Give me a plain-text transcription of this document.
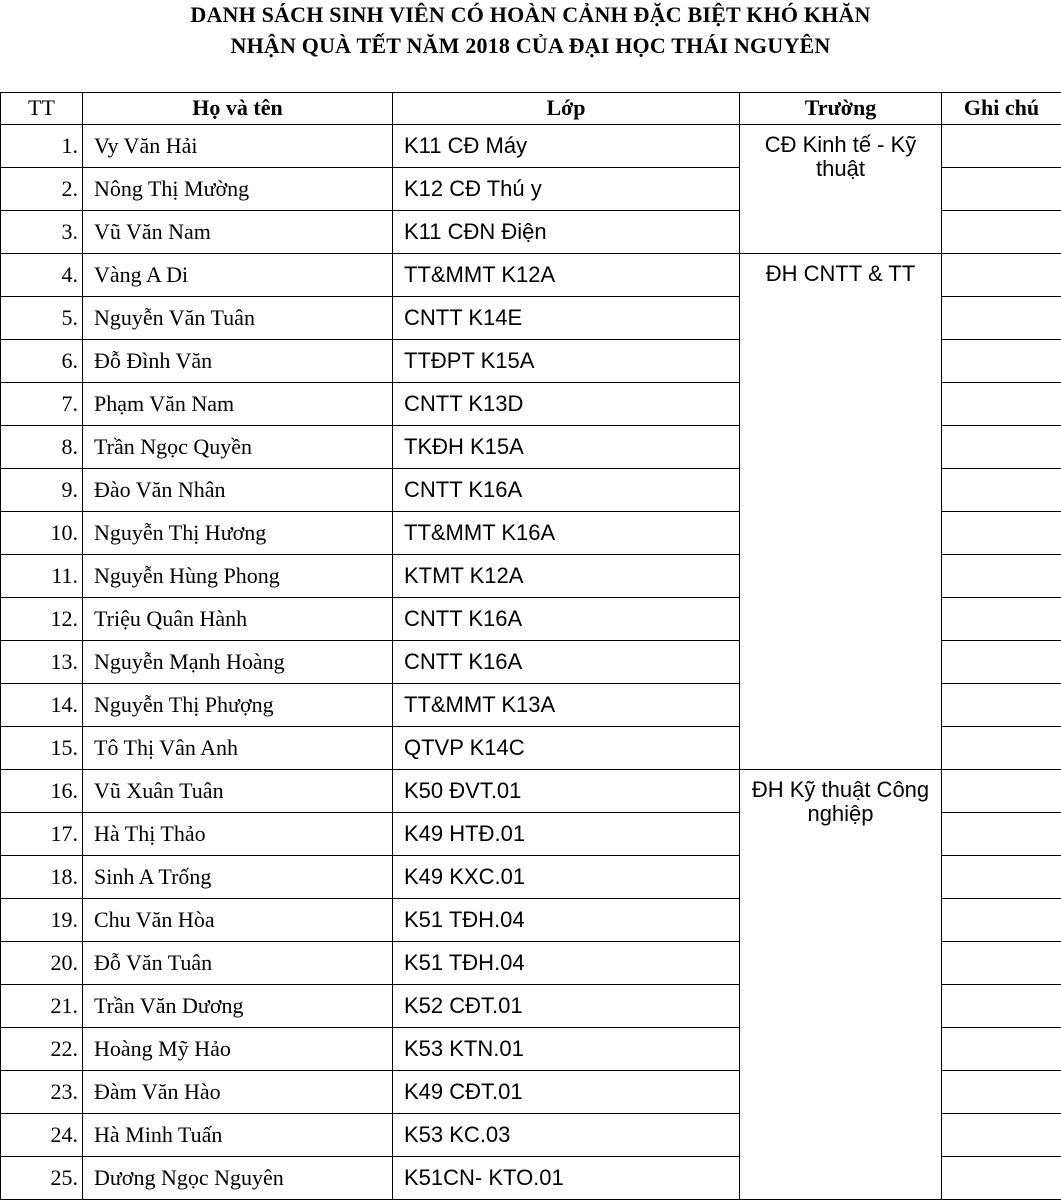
DANH SÁCH SINH VIÊN CÓ HOÀN CẢNH ĐẶC BIỆT KHÓ KHĂN
NHẬN QUÀ TẾT NĂM 2018 CỦA ĐẠI HỌC THÁI NGUYÊN
TT	Họ và tên	Lớp	Trường	Ghi chú
1.	Vy Văn Hải	K11 CĐ Máy	CĐ Kinh tế - Kỹ thuật	
2.	Nông Thị Mường	K12 CĐ Thú y		
3.	Vũ Văn Nam	K11 CĐN Điện		
4.	Vàng A Di	TT&MMT K12A	ĐH CNTT & TT	
5.	Nguyễn Văn Tuân	CNTT K14E		
6.	Đỗ Đình Văn	TTĐPT K15A		
7.	Phạm Văn Nam	CNTT K13D		
8.	Trần Ngọc Quyền	TKĐH K15A		
9.	Đào Văn Nhân	CNTT K16A		
10.	Nguyễn Thị Hương	TT&MMT K16A		
11.	Nguyễn Hùng Phong	KTMT K12A		
12.	Triệu Quân Hành	CNTT K16A		
13.	Nguyễn Mạnh Hoàng	CNTT K16A		
14.	Nguyễn Thị Phượng	TT&MMT K13A		
15.	Tô Thị Vân Anh	QTVP K14C		
16.	Vũ Xuân Tuân	K50 ĐVT.01	ĐH Kỹ thuật Công nghiệp	
17.	Hà Thị Thảo	K49 HTĐ.01		
18.	Sinh A Trống	K49 KXC.01		
19.	Chu Văn Hòa	K51 TĐH.04		
20.	Đỗ Văn Tuân	K51 TĐH.04		
21.	Trần Văn Dương	K52 CĐT.01		
22.	Hoàng Mỹ Hảo	K53 KTN.01		
23.	Đàm Văn Hào	K49 CĐT.01		
24.	Hà Minh Tuấn	K53 KC.03		
25.	Dương Ngọc Nguyên	K51CN- KTO.01		
